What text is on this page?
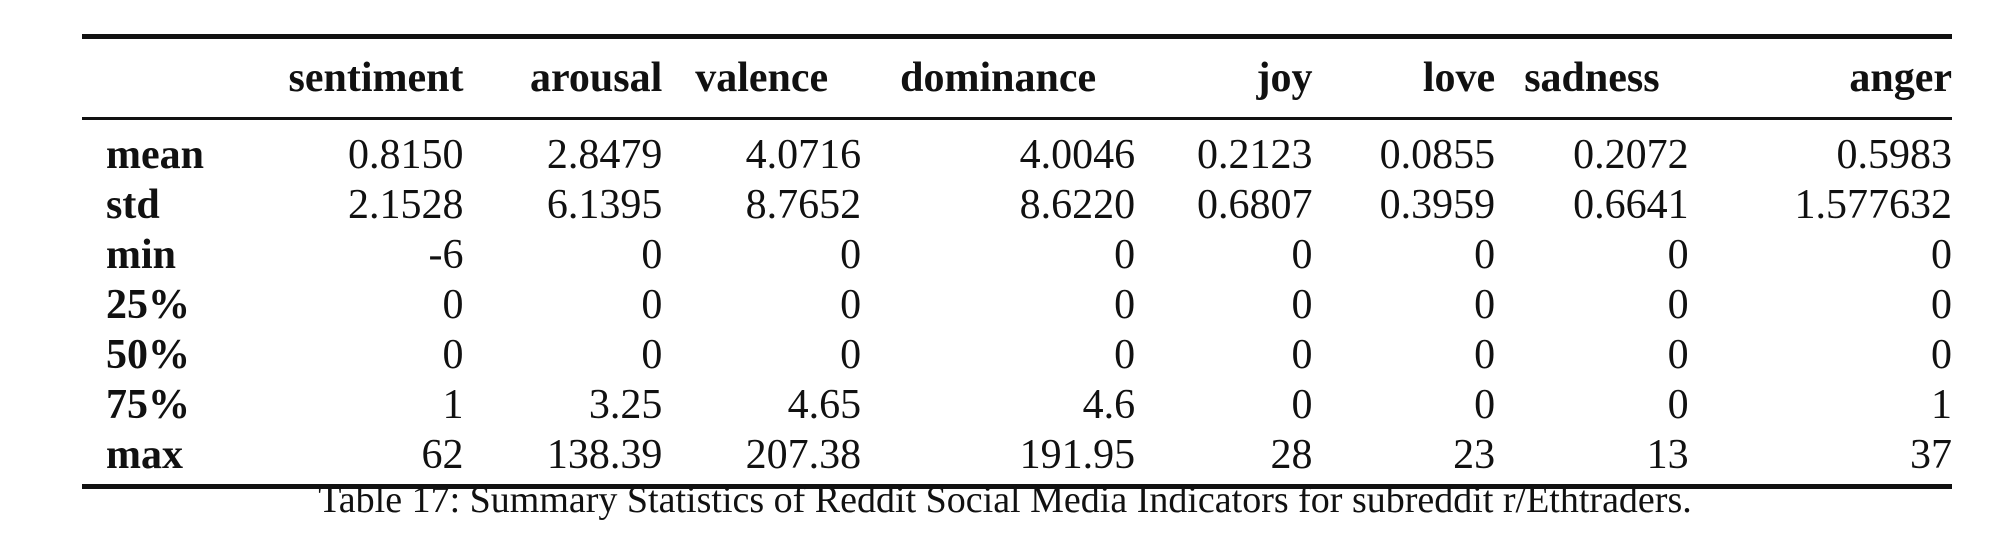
	sentiment	arousal	valence	dominance	joy	love	sadness	anger
mean	0.8150	2.8479	4.0716	4.0046	0.2123	0.0855	0.2072	0.5983
std	2.1528	6.1395	8.7652	8.6220	0.6807	0.3959	0.6641	1.577632
min	-6	0	0	0	0	0	0	0
25%	0	0	0	0	0	0	0	0
50%	0	0	0	0	0	0	0	0
75%	1	3.25	4.65	4.6	0	0	0	1
max	62	138.39	207.38	191.95	28	23	13	37
Table 17: Summary Statistics of Reddit Social Media Indicators for subreddit r/Ethtraders.
